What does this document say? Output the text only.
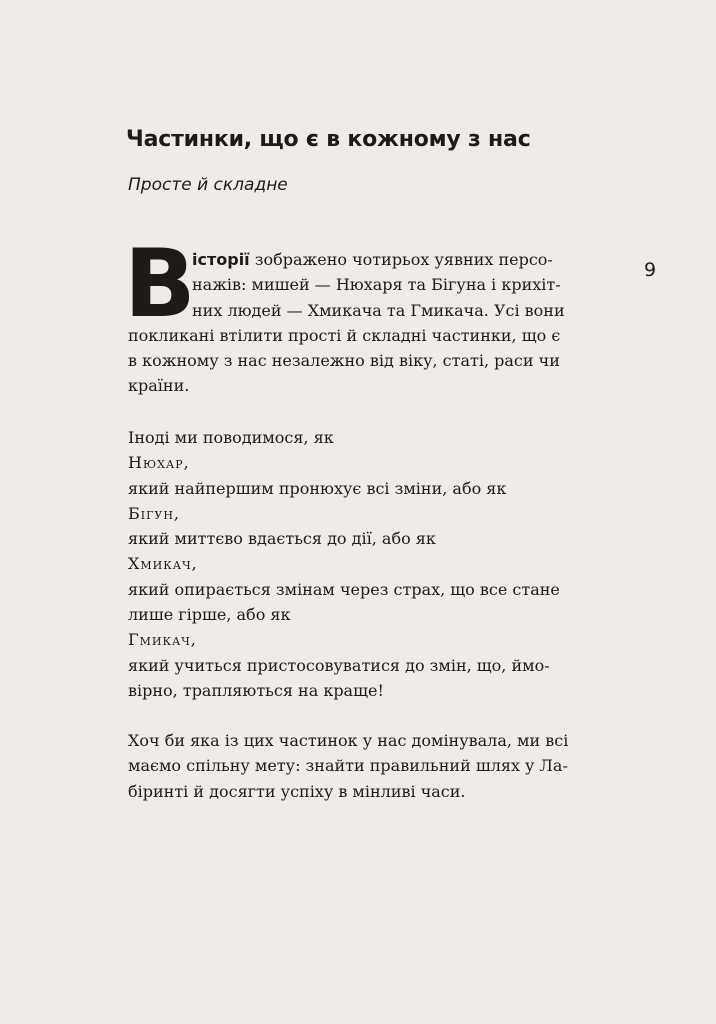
Частинки, що є в кожному з нас

Просте й складне

9
В
історії зображено чотирьох уявних персо-
нажів: мишей — Нюхаря та Бігуна і крихіт-
них людей — Хмикача та Гмикача. Усі вони
покликані втілити прості й складні частинки, що є
в кожному з нас незалежно від віку, статі, раси чи
країни.
Іноді ми поводимося, як
Нюхар,
який найпершим пронюхує всі зміни, або як
Бігун,
який миттєво вдається до дії, або як
Хмикач,
який опирається змінам через страх, що все стане
лише гірше, або як
Гмикач,
який учиться пристосовуватися до змін, що, ймо-
вірно, трапляються на краще!
Хоч би яка із цих частинок у нас домінувала, ми всі
маємо спільну мету: знайти правильний шлях у Ла-
біринті й досягти успіху в мінливі часи.
